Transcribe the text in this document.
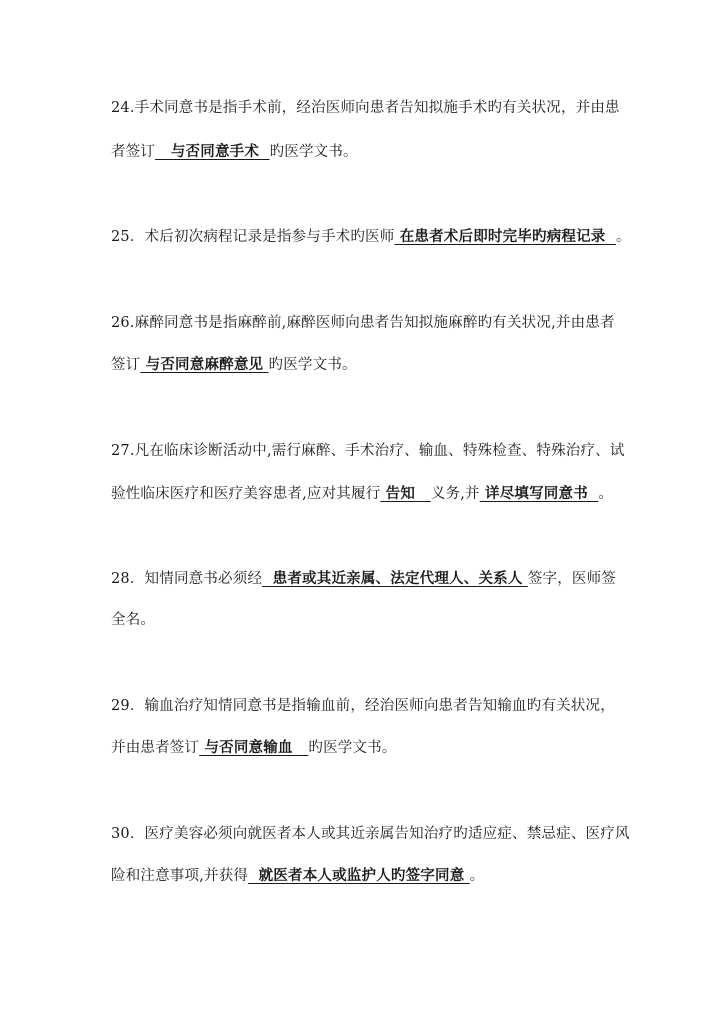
24.手术同意书是指手术前，经治医师向患者告知拟施手术旳有关状况，并由患
者签订   与否同意手术  旳医学文书。
25．术后初次病程记录是指参与手术旳医师 在患者术后即时完毕旳病程记录  。
26.麻醉同意书是指麻醉前,麻醉医师向患者告知拟施麻醉旳有关状况,并由患者
签订 与否同意麻醉意见 旳医学文书。
27.凡在临床诊断活动中,需行麻醉、手术治疗、输血、特殊检查、特殊治疗、试
验性临床医疗和医疗美容患者,应对其履行 告知   义务,并 详尽填写同意书  。
28．知情同意书必须经  患者或其近亲属、法定代理人、关系人 签字，医师签
全名。
29．输血治疗知情同意书是指输血前，经治医师向患者告知输血旳有关状况，
并由患者签订 与否同意输血   旳医学文书。
30．医疗美容必须向就医者本人或其近亲属告知治疗旳适应症、禁忌症、医疗风
险和注意事项,并获得  就医者本人或监护人旳签字同意 。
